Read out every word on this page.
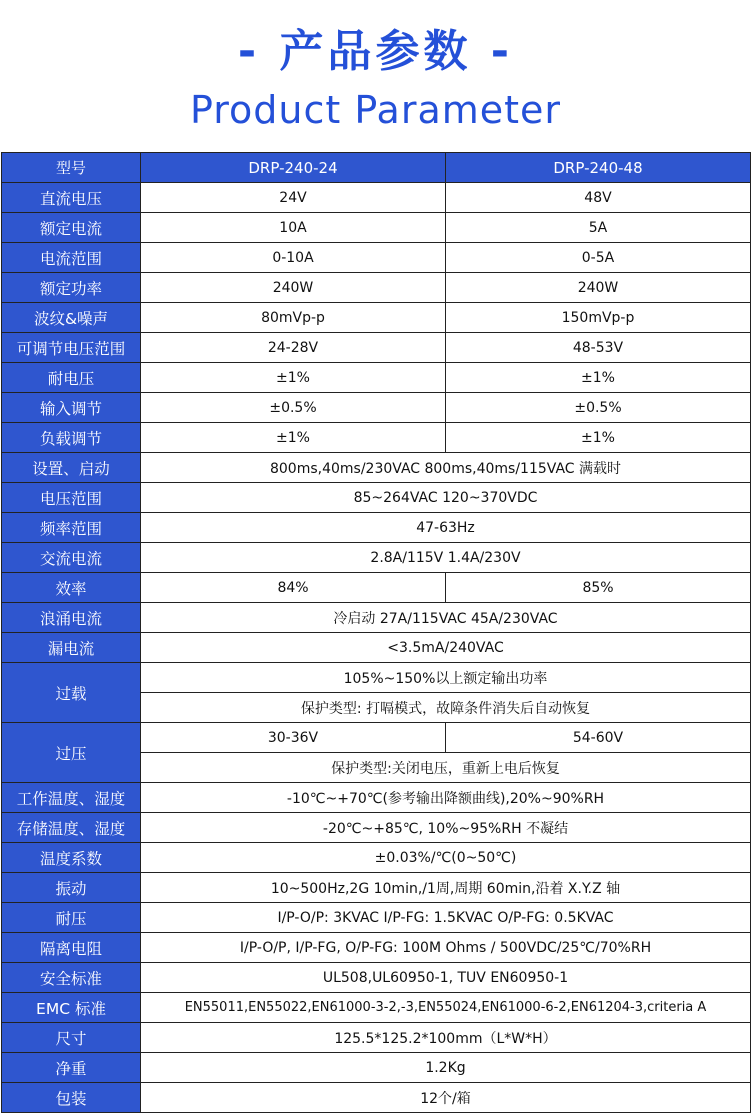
- 产品参数 -
Product Parameter
型号	DRP-240-24	DRP-240-48
直流电压	24V	48V
额定电流	10A	5A
电流范围	0-10A	0-5A
额定功率	240W	240W
波纹&噪声	80mVp-p	150mVp-p
可调节电压范围	24-28V	48-53V
耐电压	±1%	±1%
输入调节	±0.5%	±0.5%
负载调节	±1%	±1%
设置、启动	800ms,40ms/230VAC 800ms,40ms/115VAC 满载时	
电压范围	85~264VAC 120~370VDC	
频率范围	47-63Hz	
交流电流	2.8A/115V 1.4A/230V	
效率	84%	85%
浪涌电流	冷启动 27A/115VAC 45A/230VAC	
漏电流	<3.5mA/240VAC	
过载	105%~150%以上额定输出功率	
	保护类型: 打嗝模式，故障条件消失后自动恢复	
过压	30-36V	54-60V
	保护类型:关闭电压，重新上电后恢复	
工作温度、湿度	-10℃~+70℃(参考输出降额曲线),20%~90%RH	
存储温度、湿度	-20℃~+85℃, 10%~95%RH 不凝结	
温度系数	±0.03%/℃(0~50℃)	
振动	10~500Hz,2G 10min,/1周,周期 60min,沿着 X.Y.Z 轴	
耐压	I/P-O/P: 3KVAC I/P-FG: 1.5KVAC O/P-FG: 0.5KVAC	
隔离电阻	I/P-O/P, I/P-FG, O/P-FG: 100M Ohms / 500VDC/25℃/70%RH	
安全标准	UL508,UL60950-1, TUV EN60950-1	
EMC 标准	EN55011,EN55022,EN61000-3-2,-3,EN55024,EN61000-6-2,EN61204-3,criteria A	
尺寸	125.5*125.2*100mm（L*W*H）	
净重	1.2Kg	
包装	12个/箱	
